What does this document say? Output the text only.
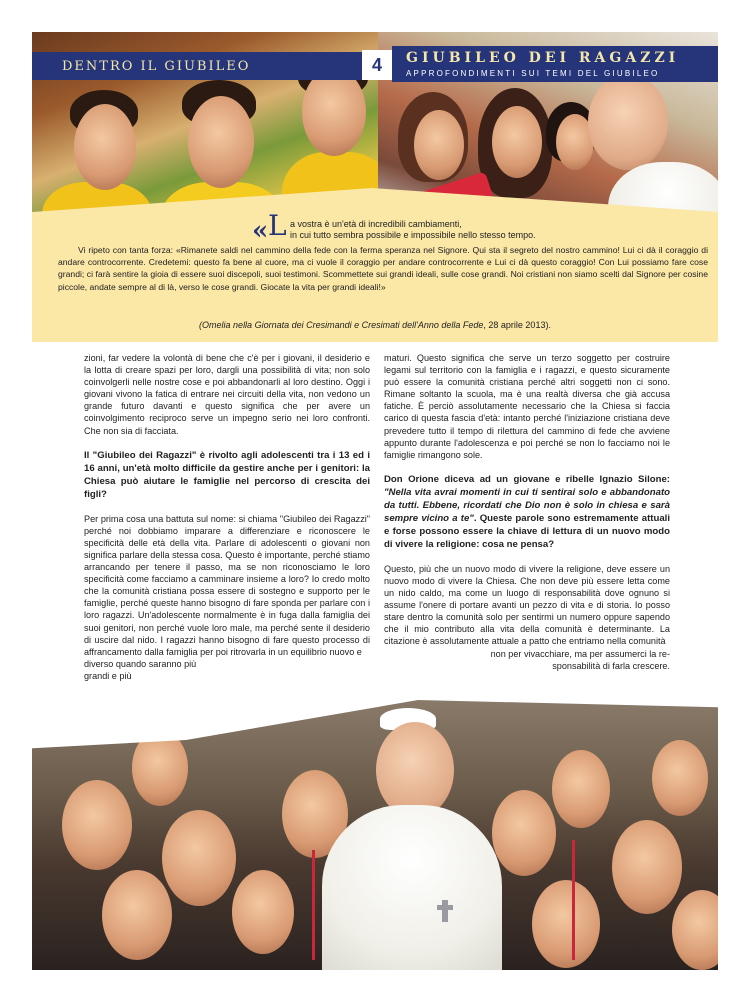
DENTRO IL GIUBILEO	4	GIUBILEO DEI RAGAZZI
APPROFONDIMENTI SUI TEMI DEL GIUBILEO
« L a vostra è un'età di incredibili cambiamenti,
in cui tutto sembra possibile e impossibile nello stesso tempo.
Vi ripeto con tanta forza: «Rimanete saldi nel cammino della fede con la ferma speranza nel Signore. Qui sta il segreto del nostro cammino! Lui ci dà il coraggio di andare controcorrente. Credetemi: questo fa bene al cuore, ma ci vuole il coraggio per andare controcorrente e Lui ci dà questo coraggio! Con Lui possiamo fare cose grandi; ci farà sentire la gioia di essere suoi discepoli, suoi testimoni. Scommettete sui grandi ideali, sulle cose grandi. Noi cristiani non siamo scelti dal Signore per cosine piccole, andate sempre al di là, verso le cose grandi. Giocate la vita per grandi ideali!»
(Omelia nella Giornata dei Cresimandi e Cresimati dell'Anno della Fede, 28 aprile 2013).

zioni, far vedere la volontà di bene che c'è per i giovani, il desiderio e la lotta di creare spazi per loro, dargli una possibilità di vita; non solo coinvolgerli nelle nostre cose e poi abbandonarli al loro destino. Oggi i giovani vivono la fatica di entrare nei circuiti della vita, non vedono un grande futuro davanti e questo significa che per avere un coinvolgimento reciproco serve un impegno serio nei loro confronti. Che non sia di facciata.

Il "Giubileo dei Ragazzi" è rivolto agli adolescenti tra i 13 ed i 16 anni, un'età molto difficile da gestire anche per i genitori: la Chiesa può aiutare le famiglie nel percorso di crescita dei figli?

Per prima cosa una battuta sul nome: si chiama "Giubileo dei Ragazzi" perché noi dobbiamo imparare a differenziare e riconoscere le specificità delle età della vita. Parlare di adolescenti o giovani non significa parlare della stessa cosa. Questo è importante, perché stiamo arrancando per tenere il passo, ma se non riconosciamo le loro specificità come facciamo a camminare insieme a loro? Io credo molto che la comunità cristiana possa essere di sostegno e supporto per le famiglie, perché queste hanno bisogno di fare sponda per parlare con i loro ragazzi. Un'adolescente normalmente è in fuga dalla famiglia dei suoi genitori, non perché vuole loro male, ma perché sente il desiderio di uscire dal nido. I ragazzi hanno bisogno di fare questo processo di affrancamento dalla famiglia per poi ritrovarla in un equilibrio nuovo e

diverso quando saranno più
grandi e più

maturi. Questo significa che serve un terzo soggetto per costruire legami sul territorio con la famiglia e i ragazzi, e questo sicuramente può essere la comunità cristiana perché altri soggetti non ci sono. Rimane soltanto la scuola, ma è una realtà diversa che già accusa fatiche. È perciò assolutamente necessario che la Chiesa si faccia carico di questa fascia d'età: intanto perché l'iniziazione cristiana deve prevedere tutto il tempo di rilettura del cammino di fede che avviene appunto durante l'adolescenza e poi perché se non lo facciamo noi le famiglie rimangono sole.

Don Orione diceva ad un giovane e ribelle Ignazio Silone: "Nella vita avrai momenti in cui ti sentirai solo e abbandonato da tutti. Ebbene, ricordati che Dio non è solo in chiesa e sarà sempre vicino a te". Queste parole sono estremamente attuali e forse possono essere la chiave di lettura di un nuovo modo di vivere la religione: cosa ne pensa?

Questo, più che un nuovo modo di vivere la religione, deve essere un nuovo modo di vivere la Chiesa. Che non deve più essere letta come un nido caldo, ma come un luogo di responsabilità dove ognuno si assume l'onere di portare avanti un pezzo di vita e di storia. Io posso stare dentro la comunità solo per sentirmi un numero oppure sapendo che il mio contributo alla vita della comunità è determinante. La citazione è assolutamente attuale a patto che entriamo nella comunità

non per vivacchiare, ma per assumerci la re-
sponsabilità di farla crescere.
